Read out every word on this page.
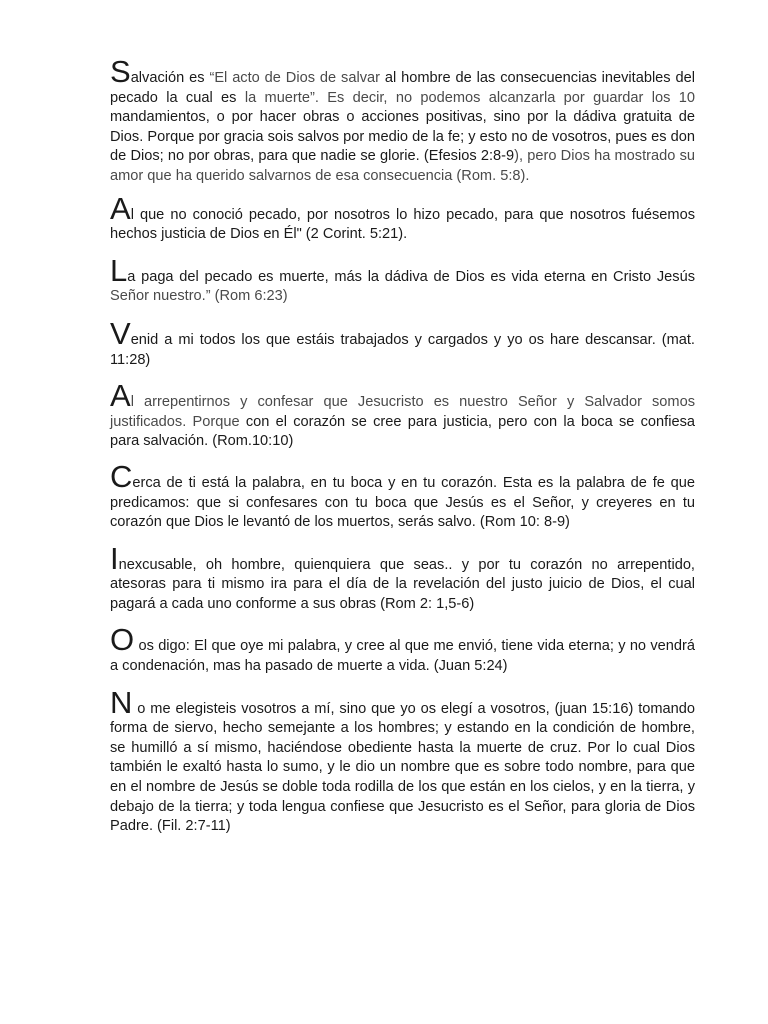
Salvación es “El acto de Dios de salvar al hombre de las consecuencias inevitables del pecado la cual es la muerte”. Es decir, no podemos alcanzarla por guardar los 10 mandamientos, o por hacer obras o acciones positivas, sino por la dádiva gratuita de Dios. Porque por gracia sois salvos por medio de la fe; y esto no de vosotros, pues es don de Dios; no por obras, para que nadie se glorie. (Efesios 2:8-9), pero Dios ha mostrado su amor que ha querido salvarnos de esa consecuencia (Rom. 5:8).

Al que no conoció pecado, por nosotros lo hizo pecado, para que nosotros fuésemos hechos justicia de Dios en Él" (2 Corint. 5:21).

La paga del pecado es muerte, más la dádiva de Dios es vida eterna en Cristo Jesús Señor nuestro.” (Rom 6:23)

Venid a mi todos los que estáis trabajados y cargados y yo os hare descansar. (mat. 11:28)

Al arrepentirnos y confesar que Jesucristo es nuestro Señor y Salvador somos justificados. Porque con el corazón se cree para justicia, pero con la boca se confiesa para salvación. (Rom.10:10)

Cerca de ti está la palabra, en tu boca y en tu corazón. Esta es la palabra de fe que predicamos: que si confesares con tu boca que Jesús es el Señor, y creyeres en tu corazón que Dios le levantó de los muertos, serás salvo. (Rom 10: 8-9)

Inexcusable, oh hombre, quienquiera que seas.. y por tu corazón no arrepentido, atesoras para ti mismo ira para el día de la revelación del justo juicio de Dios, el cual pagará a cada uno conforme a sus obras (Rom 2: 1,5-6)

O os digo: El que oye mi palabra, y cree al que me envió, tiene vida eterna; y no vendrá a condenación, mas ha pasado de muerte a vida. (Juan 5:24)

N o me elegisteis vosotros a mí, sino que yo os elegí a vosotros, (juan 15:16) tomando forma de siervo, hecho semejante a los hombres; y estando en la condición de hombre, se humilló a sí mismo, haciéndose obediente hasta la muerte de cruz. Por lo cual Dios también le exaltó hasta lo sumo, y le dio un nombre que es sobre todo nombre, para que en el nombre de Jesús se doble toda rodilla de los que están en los cielos, y en la tierra, y debajo de la tierra; y toda lengua confiese que Jesucristo es el Señor, para gloria de Dios Padre. (Fil. 2:7-11)
